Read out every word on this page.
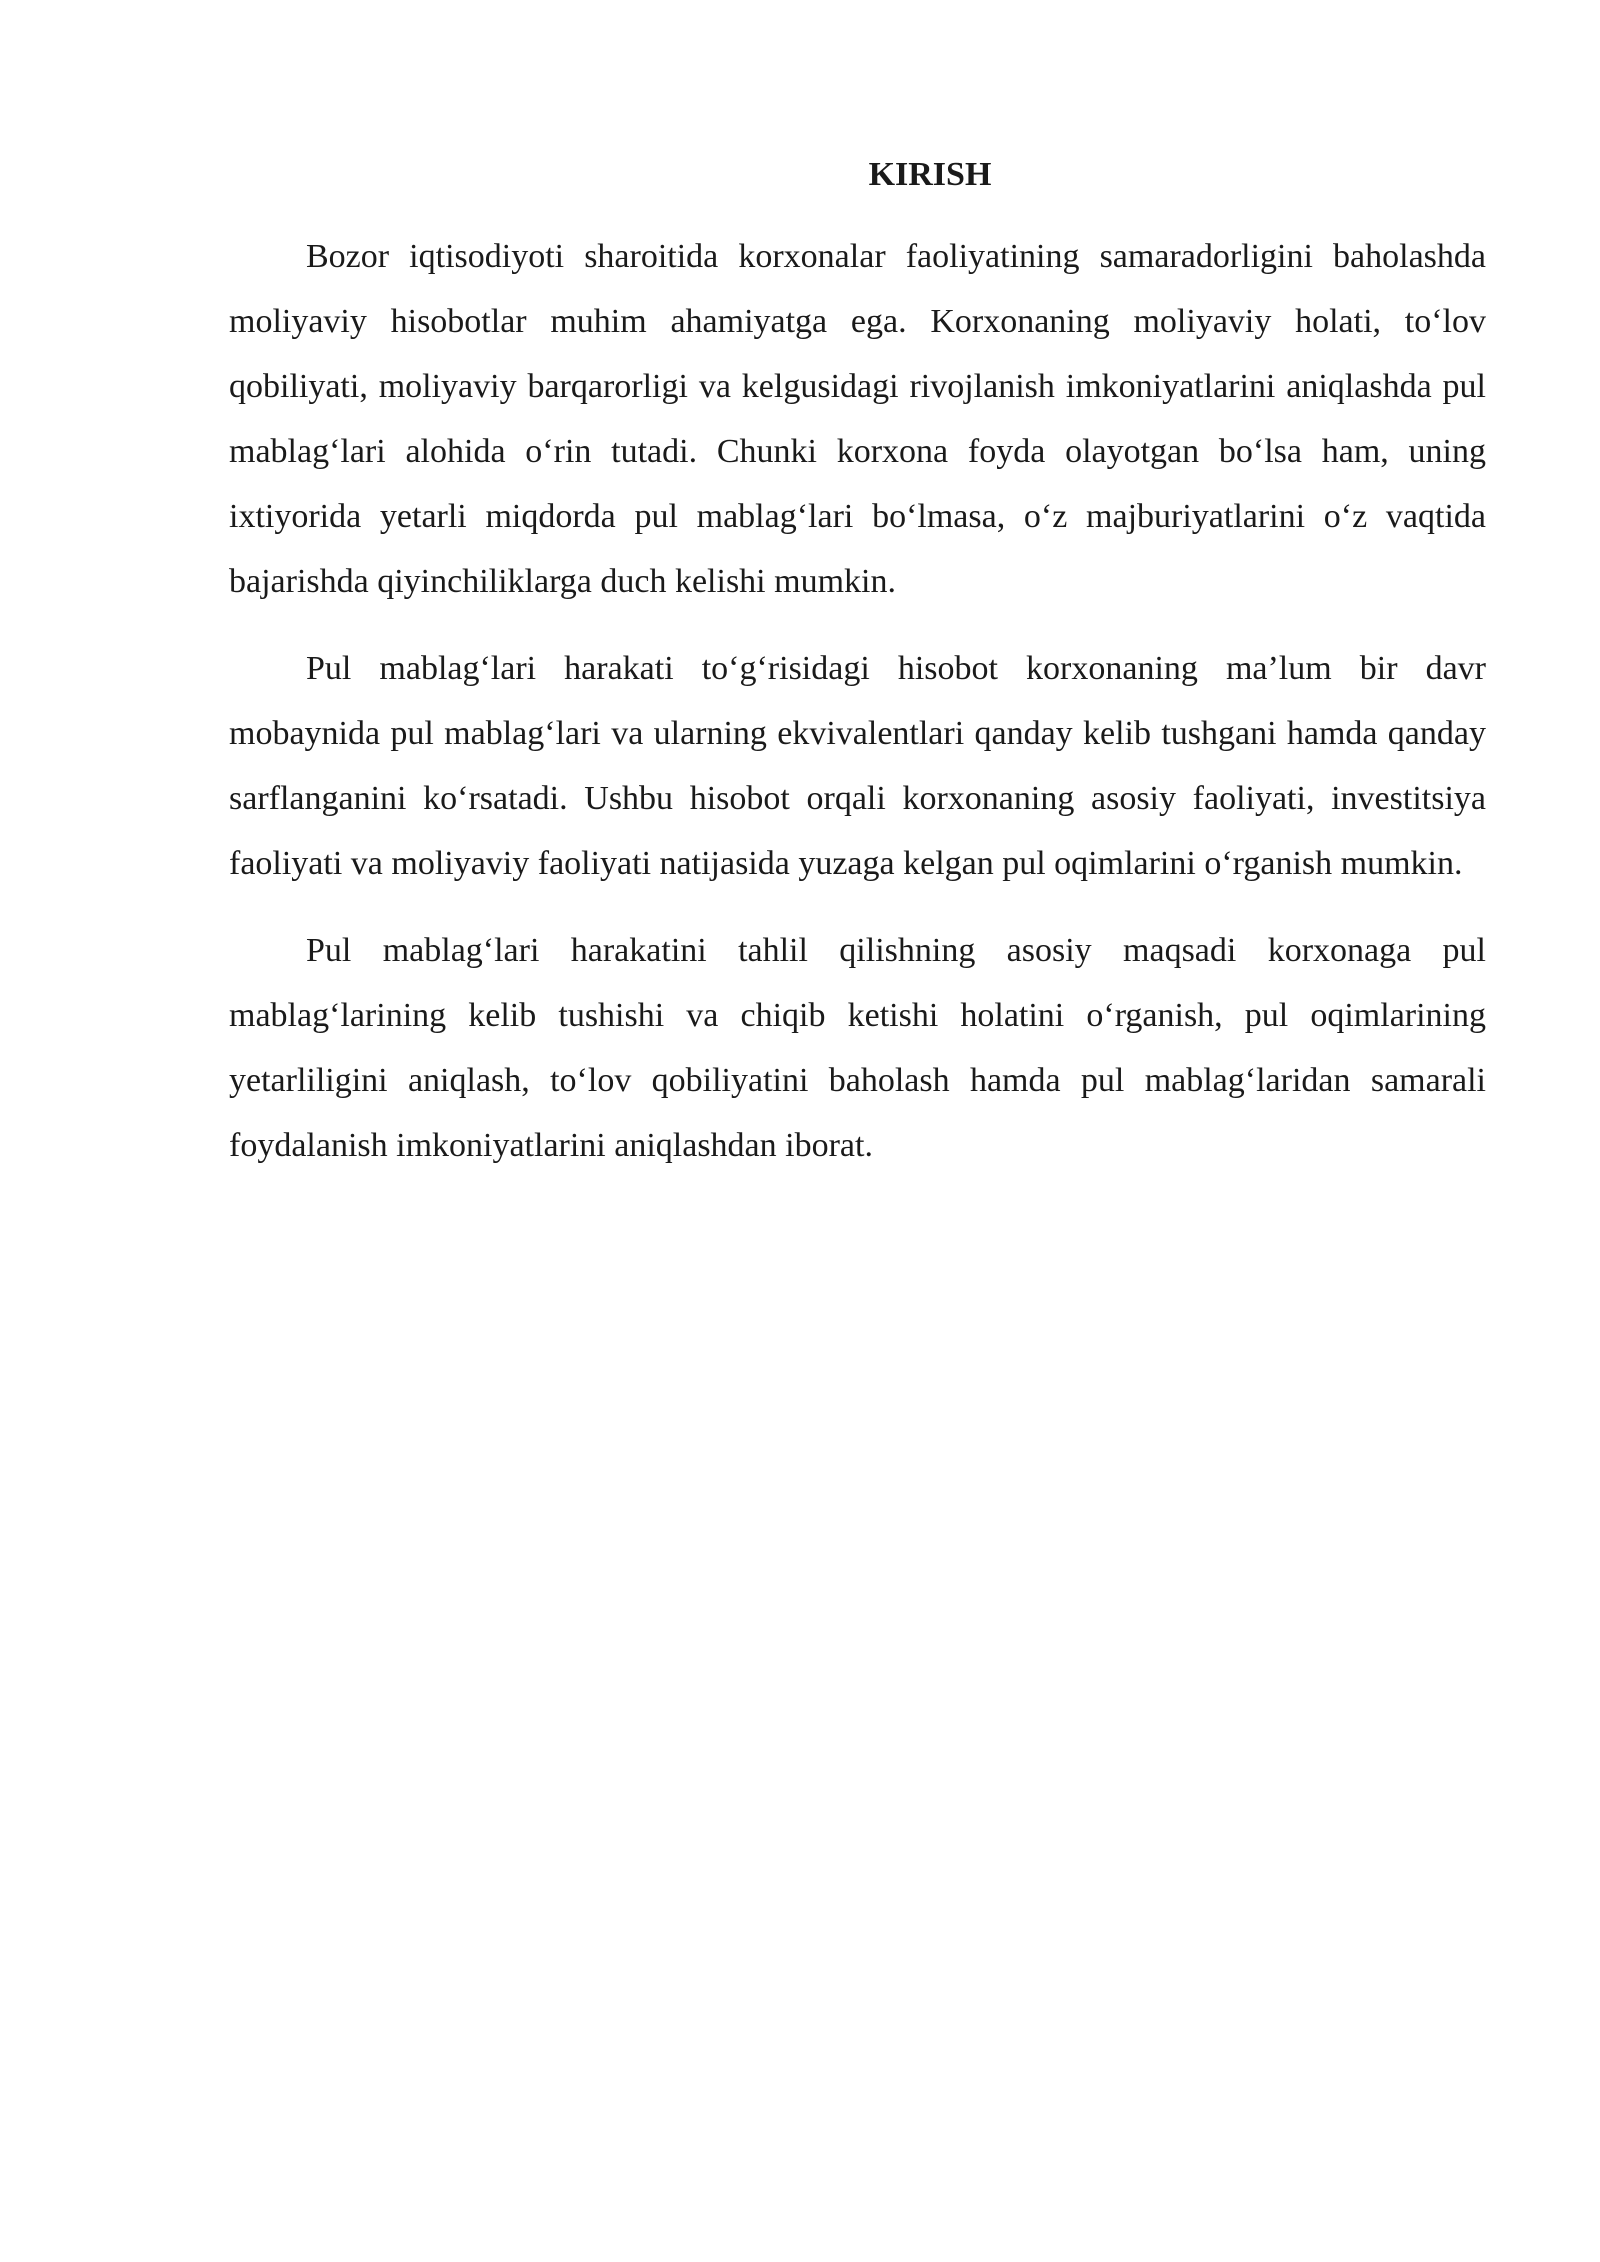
KIRISH

Bozor iqtisodiyoti sharoitida korxonalar faoliyatining samaradorligini baholashda moliyaviy hisobotlar muhim ahamiyatga ega. Korxonaning moliyaviy holati, to‘lov qobiliyati, moliyaviy barqarorligi va kelgusidagi rivojlanish imkoniyatlarini aniqlashda pul mablag‘lari alohida o‘rin tutadi. Chunki korxona foyda olayotgan bo‘lsa ham, uning ixtiyorida yetarli miqdorda pul mablag‘lari bo‘lmasa, o‘z majburiyatlarini o‘z vaqtida bajarishda qiyinchiliklarga duch kelishi mumkin.

Pul mablag‘lari harakati to‘g‘risidagi hisobot korxonaning ma’lum bir davr mobaynida pul mablag‘lari va ularning ekvivalentlari qanday kelib tushgani hamda qanday sarflanganini ko‘rsatadi. Ushbu hisobot orqali korxonaning asosiy faoliyati, investitsiya faoliyati va moliyaviy faoliyati natijasida yuzaga kelgan pul oqimlarini o‘rganish mumkin.

Pul mablag‘lari harakatini tahlil qilishning asosiy maqsadi korxonaga pul mablag‘larining kelib tushishi va chiqib ketishi holatini o‘rganish, pul oqimlarining yetarliligini aniqlash, to‘lov qobiliyatini baholash hamda pul mablag‘laridan samarali foydalanish imkoniyatlarini aniqlashdan iborat.
